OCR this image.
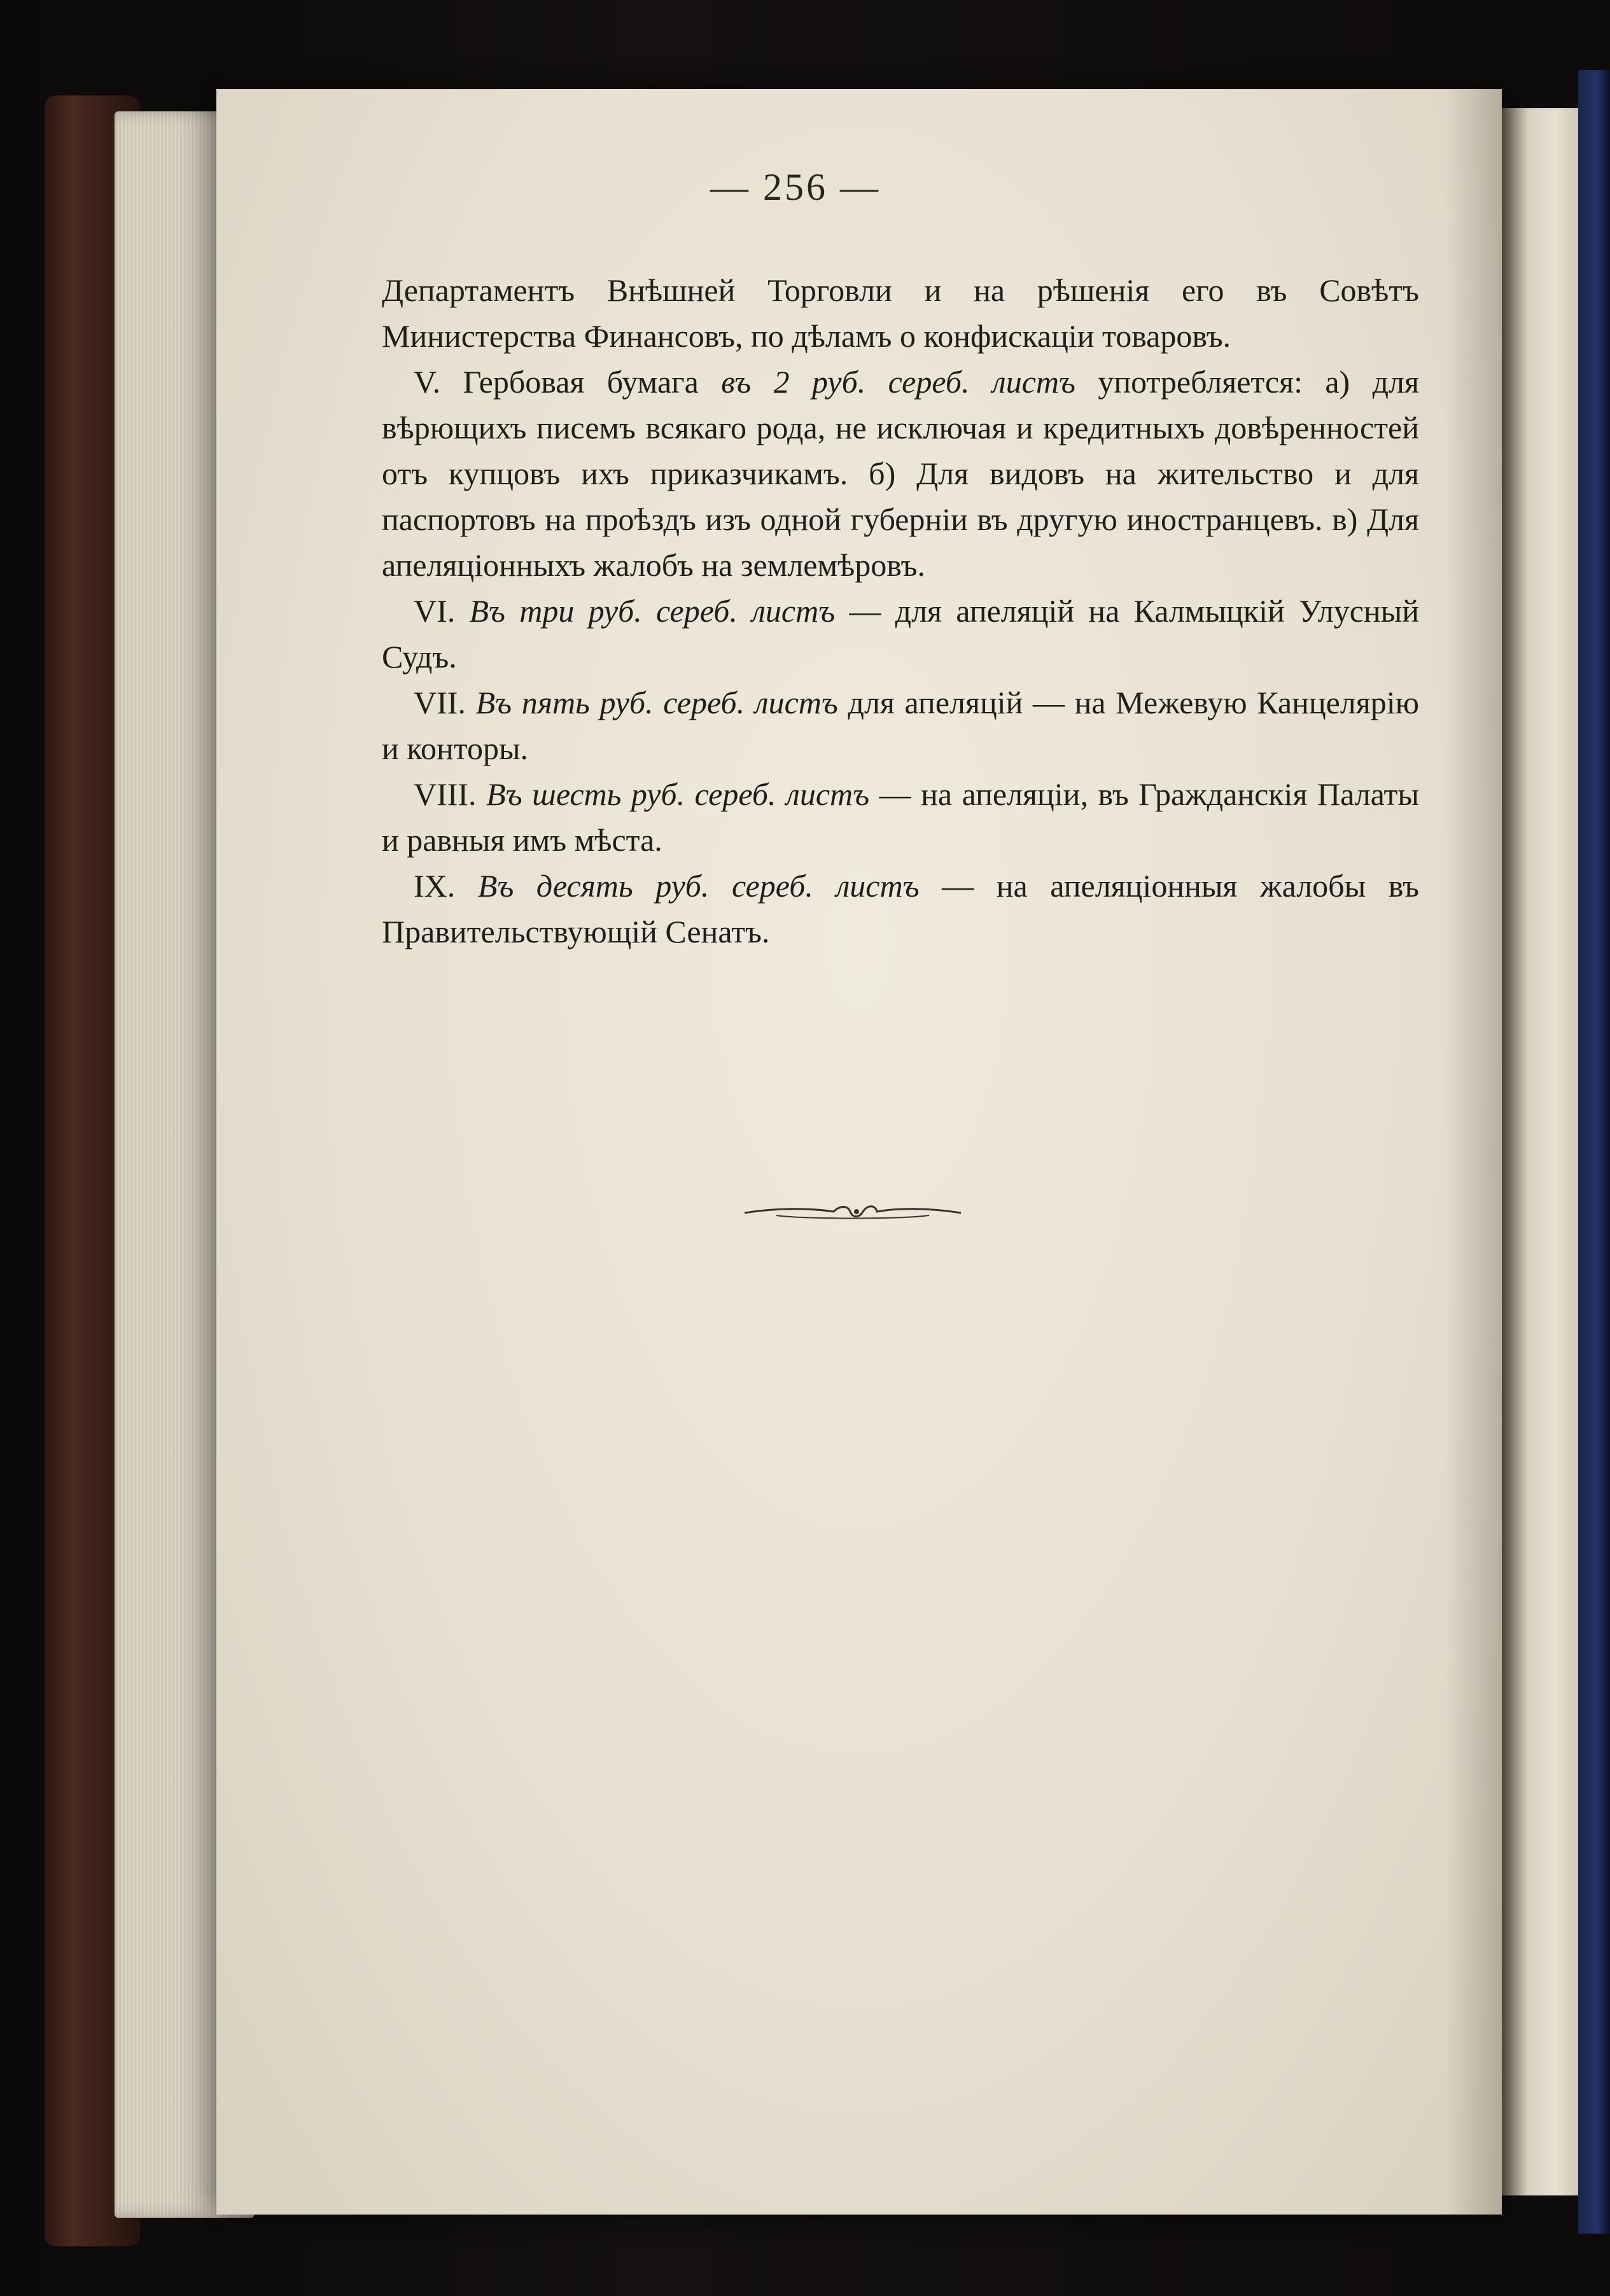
— 256 —

Департаментъ Внѣшней Торговли и на рѣшенія его въ Совѣтъ Министерства Финансовъ, по дѣламъ о конфискаціи товаровъ.

V. Гербовая бумага въ 2 руб. сереб. листъ употребляется: а) для вѣрющихъ писемъ всякаго рода, не исключая и кредитныхъ довѣренностей отъ купцовъ ихъ приказчикамъ. б) Для видовъ на жительство и для паспортовъ на проѣздъ изъ одной губерніи въ другую иностранцевъ. в) Для апеляціонныхъ жалобъ на землемѣровъ.

VI. Въ три руб. сереб. листъ — для апеляцій на Калмыцкій Улусный Судъ.

VII. Въ пять руб. сереб. листъ для апеляцій — на Межевую Канцелярію и конторы.

VIII. Въ шесть руб. сереб. листъ — на апеляціи, въ Гражданскія Палаты и равныя имъ мѣста.

IX. Въ десять руб. сереб. листъ — на апеляціонныя жалобы въ Правительствующій Сенатъ.
